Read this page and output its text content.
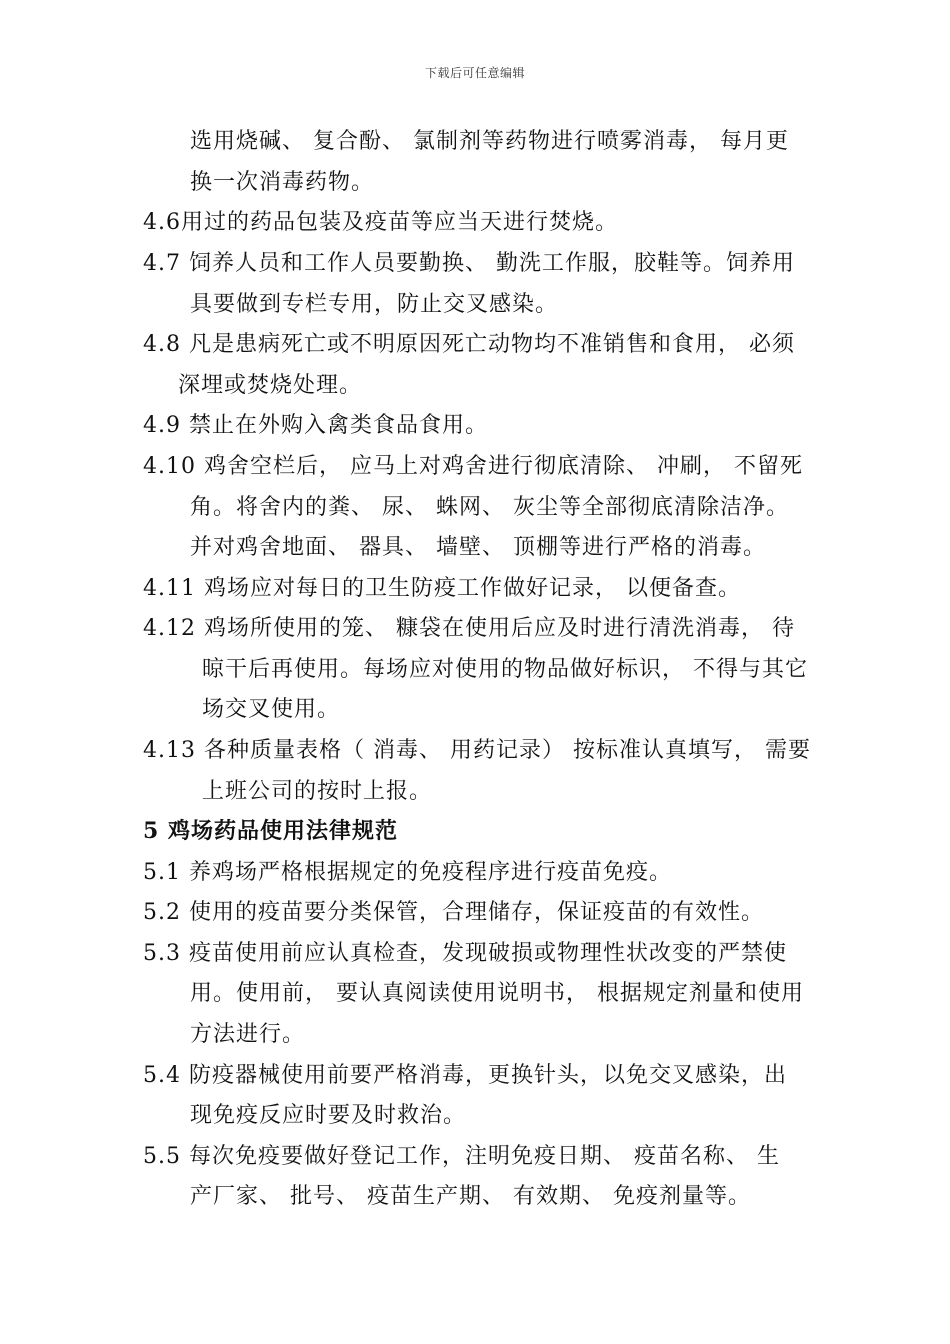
下载后可任意编辑
选用烧碱、 复合酚、 氯制剂等药物进行喷雾消毒， 每月更
换一次消毒药物。
4.6用过的药品包装及疫苗等应当天进行焚烧。
4.7 饲养人员和工作人员要勤换、 勤洗工作服，胶鞋等。饲养用
具要做到专栏专用，防止交叉感染。
4.8 凡是患病死亡或不明原因死亡动物均不准销售和食用， 必须
深埋或焚烧处理。
4.9 禁止在外购入禽类食品食用。
4.10 鸡舍空栏后， 应马上对鸡舍进行彻底清除、 冲刷， 不留死
角。将舍内的粪、 尿、 蛛网、 灰尘等全部彻底清除洁净。
并对鸡舍地面、 器具、 墙壁、 顶棚等进行严格的消毒。
4.11 鸡场应对每日的卫生防疫工作做好记录， 以便备查。
4.12 鸡场所使用的笼、 糠袋在使用后应及时进行清洗消毒， 待
晾干后再使用。每场应对使用的物品做好标识， 不得与其它
场交叉使用。
4.13 各种质量表格（ 消毒、 用药记录） 按标准认真填写， 需要
上班公司的按时上报。
5 鸡场药品使用法律规范
5.1 养鸡场严格根据规定的免疫程序进行疫苗免疫。
5.2 使用的疫苗要分类保管，合理储存，保证疫苗的有效性。
5.3 疫苗使用前应认真检查，发现破损或物理性状改变的严禁使
用。使用前， 要认真阅读使用说明书， 根据规定剂量和使用
方法进行。
5.4 防疫器械使用前要严格消毒，更换针头，以免交叉感染，出
现免疫反应时要及时救治。
5.5 每次免疫要做好登记工作，注明免疫日期、 疫苗名称、 生
产厂家、 批号、 疫苗生产期、 有效期、 免疫剂量等。
